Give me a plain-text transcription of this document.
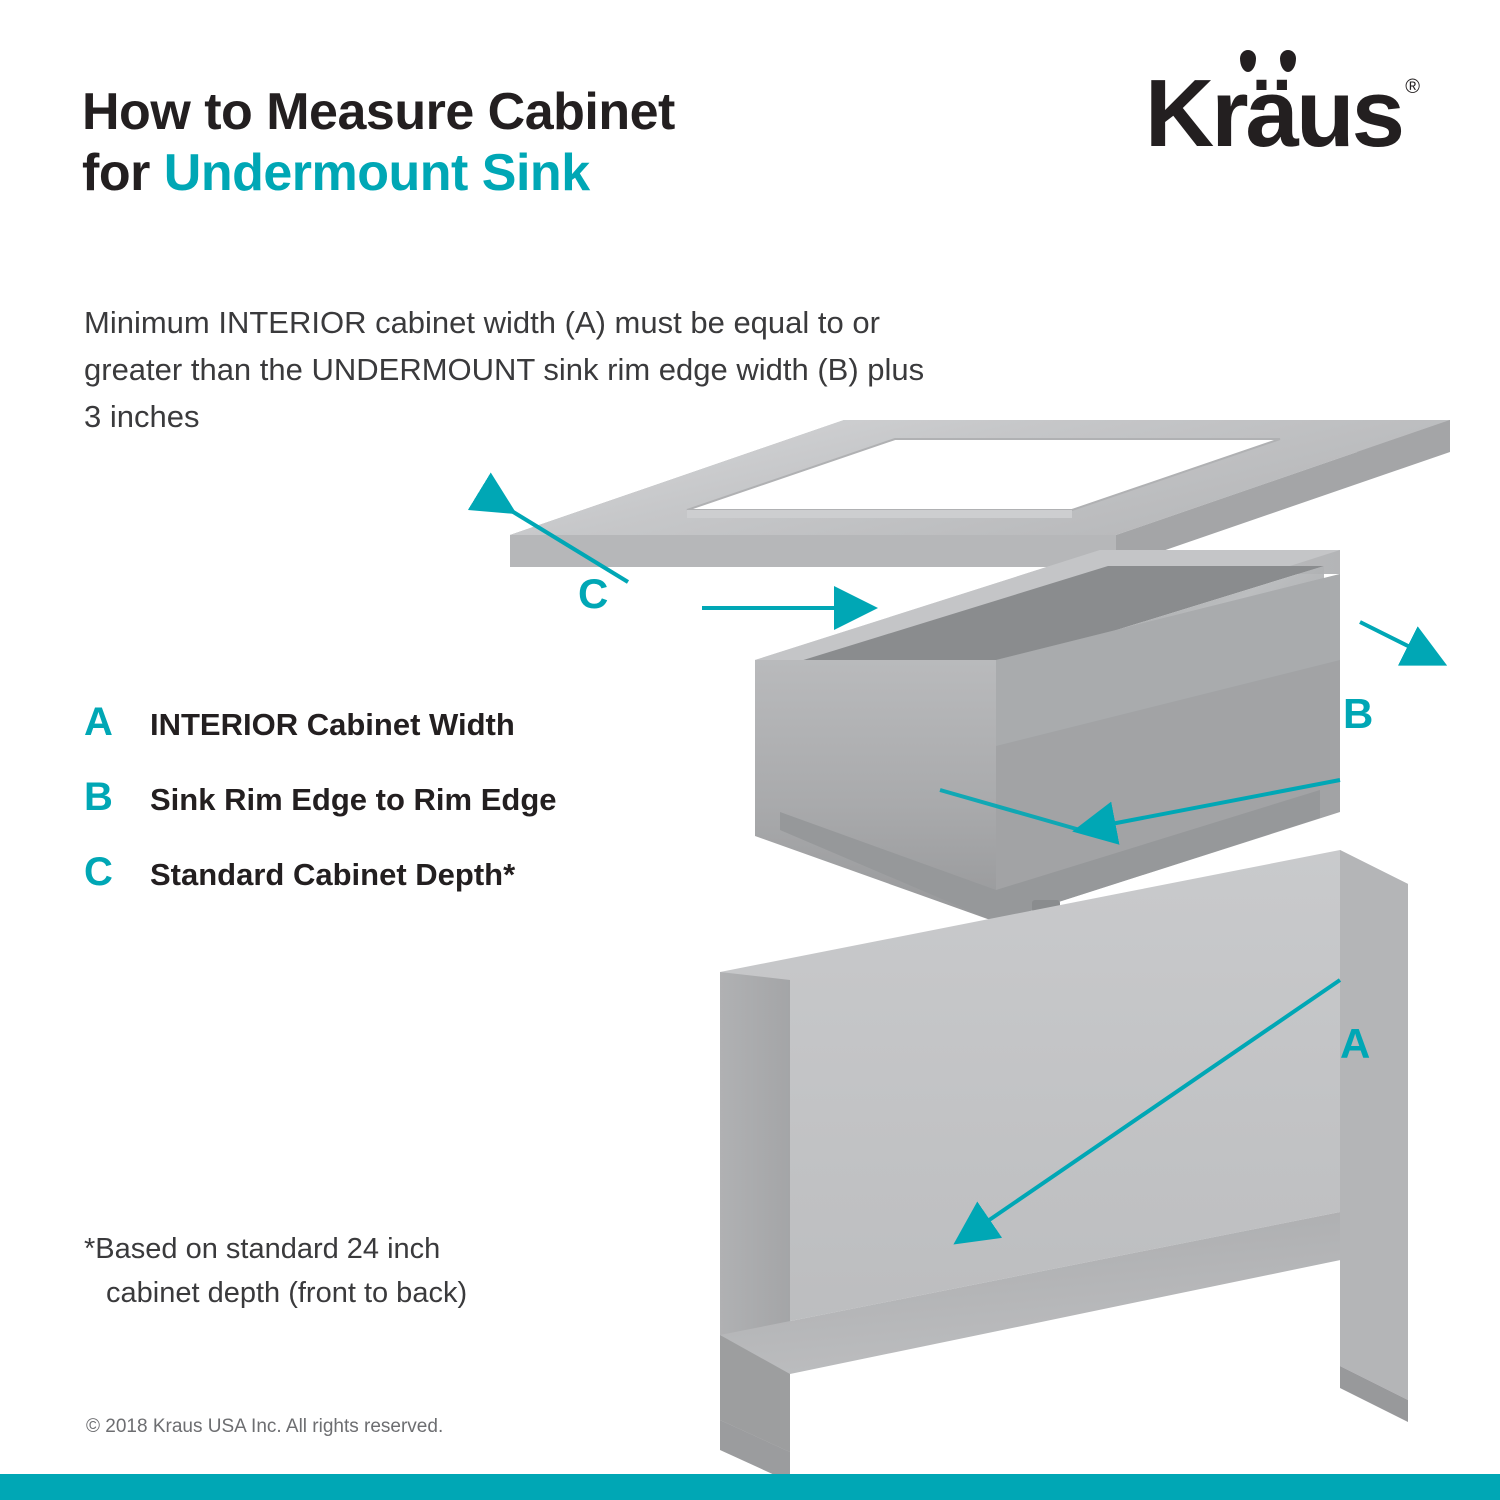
How to Measure Cabinet
for Undermount Sink

Minimum INTERIOR cabinet width (A) must be equal to or greater than the UNDERMOUNT sink rim edge width (B) plus 3 inches

Kräus ®
A	INTERIOR Cabinet Width
B	Sink Rim Edge to Rim Edge
C	Standard Cabinet Depth*
*Based on standard 24 inch
cabinet depth (front to back)
© 2018 Kraus USA Inc. All rights reserved.
C
B
A
